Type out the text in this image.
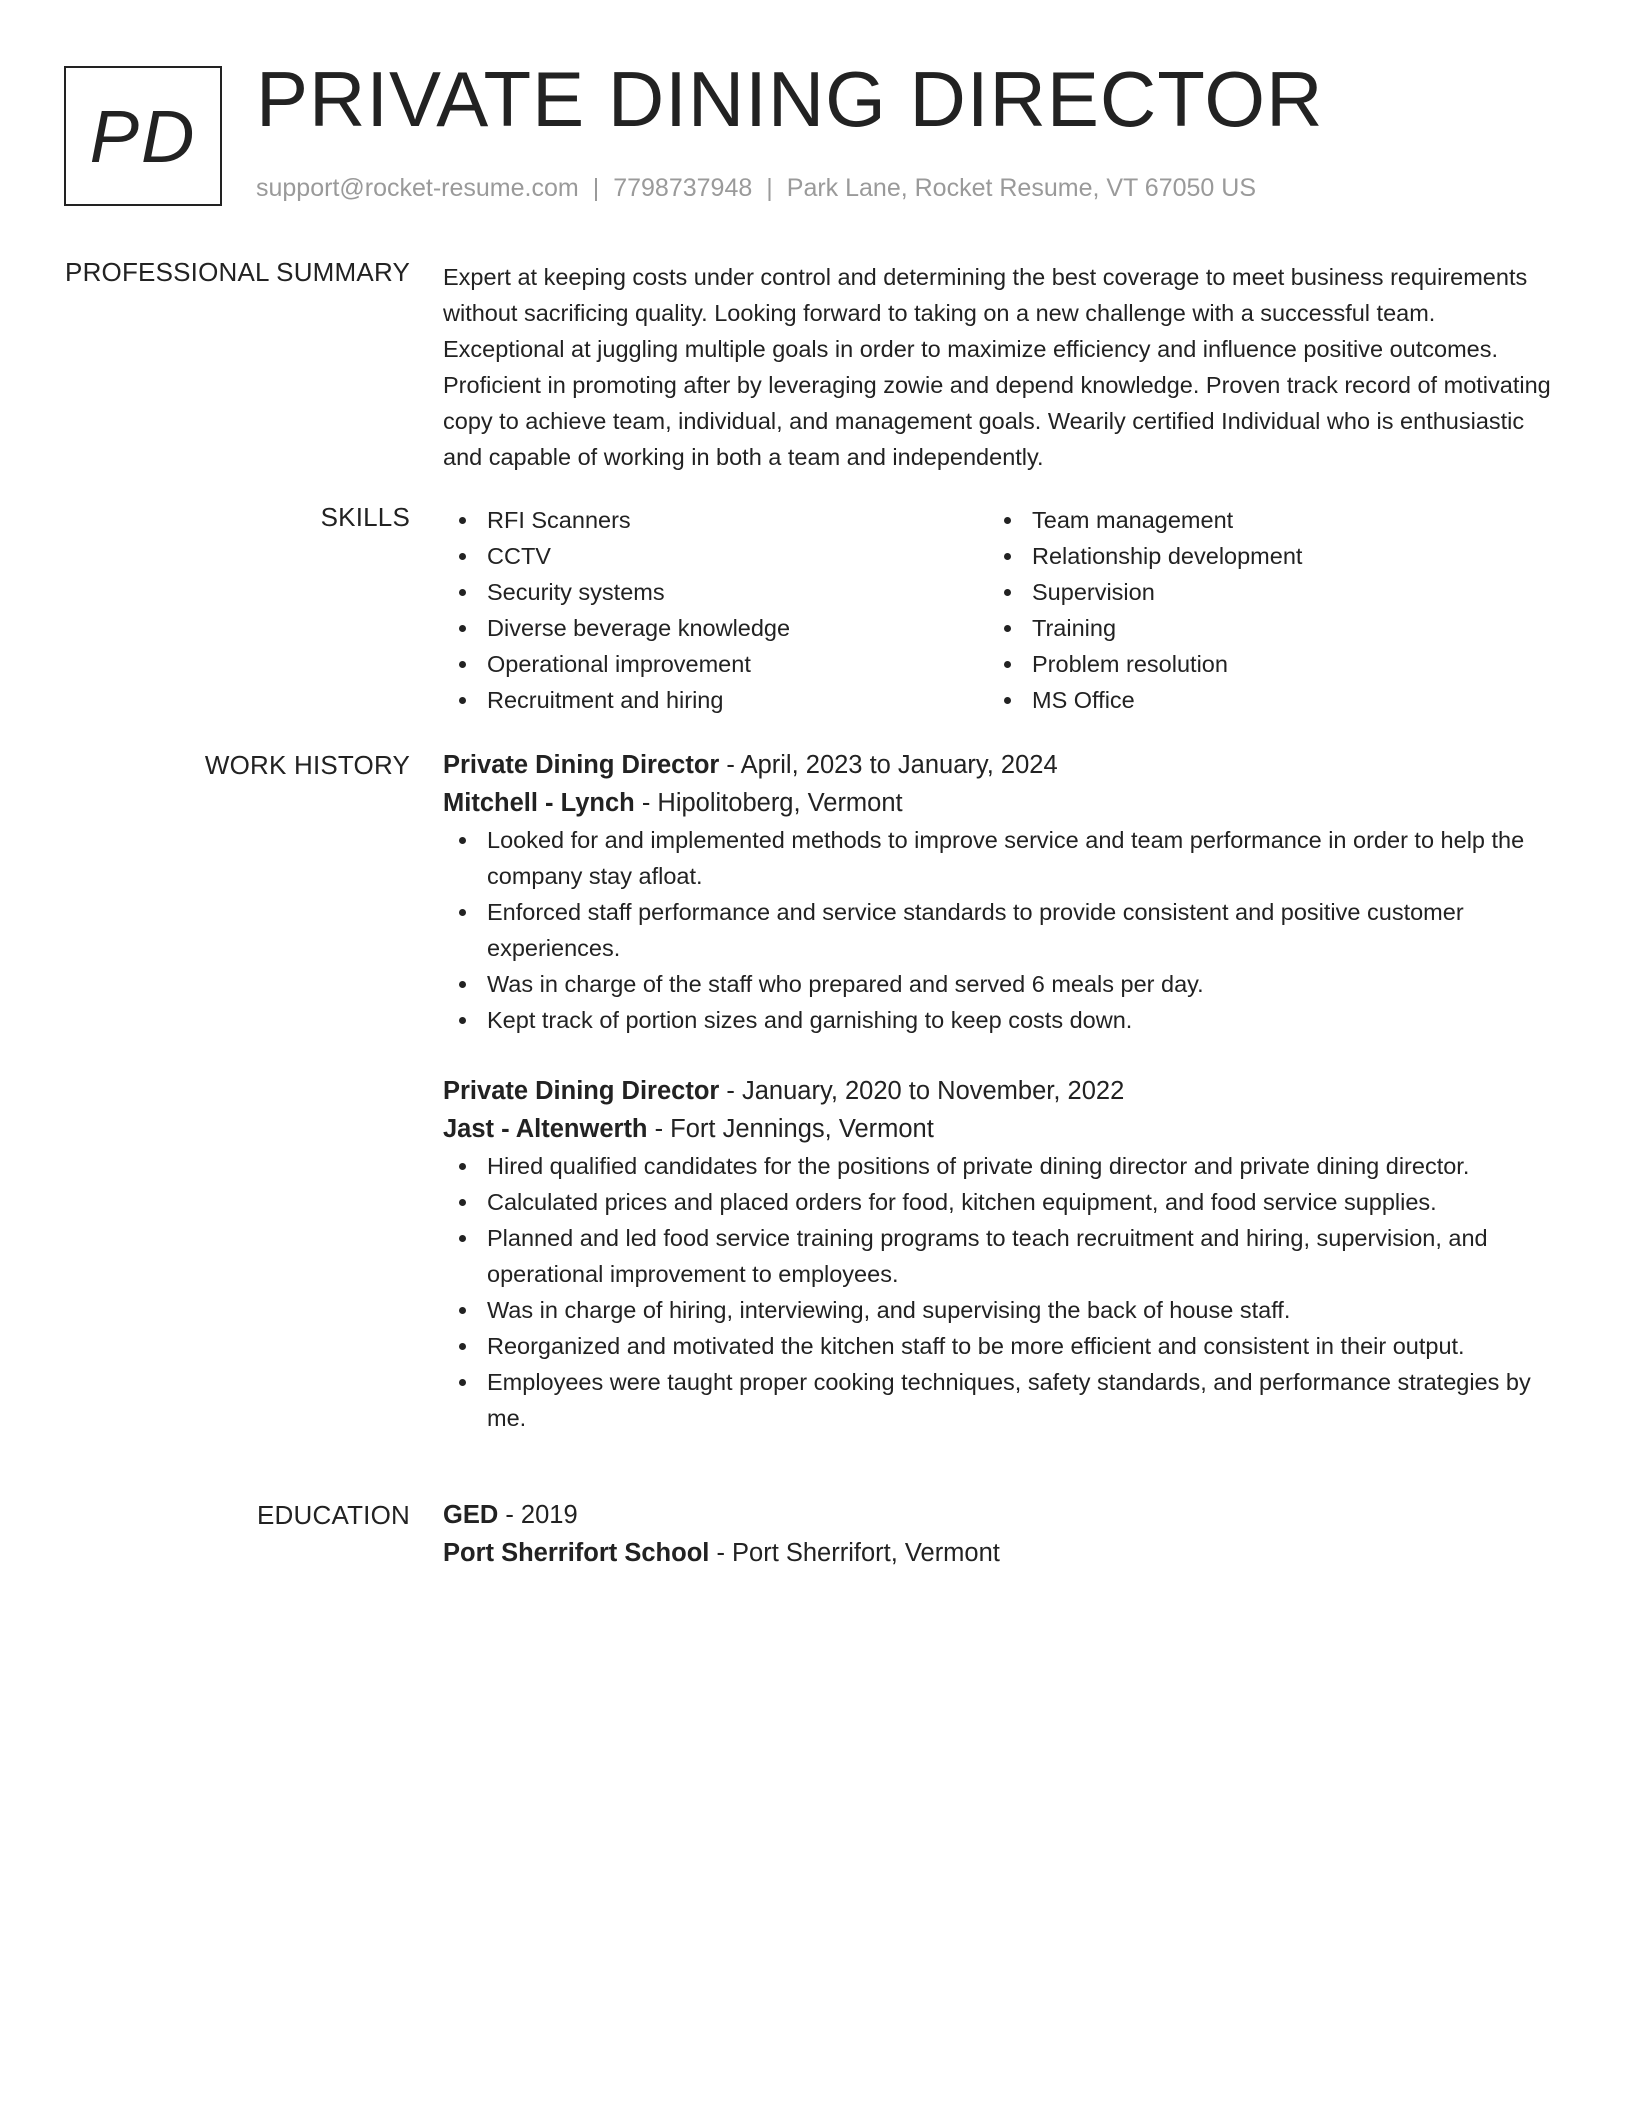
PD PRIVATE DINING DIRECTOR
support@rocket-resume.com | 7798737948 | Park Lane, Rocket Resume, VT 67050 US
PROFESSIONAL SUMMARY Expert at keeping costs under control and determining the best coverage to meet business requirements without sacrificing quality. Looking forward to taking on a new challenge with a successful team. Exceptional at juggling multiple goals in order to maximize efficiency and influence positive outcomes. Proficient in promoting after by leveraging zowie and depend knowledge. Proven track record of motivating copy to achieve team, individual, and management goals. Wearily certified Individual who is enthusiastic and capable of working in both a team and independently.

SKILLS	RFI Scanners
CCTV
Security systems
Diverse beverage knowledge
Operational improvement
Recruitment and hiring
Team management
Relationship development
Supervision
Training
Problem resolution
MS Office
WORK HISTORY Private Dining Director - April, 2023 to January, 2024
Mitchell - Lynch - Hipolitoberg, Vermont
Looked for and implemented methods to improve service and team performance in order to help the company stay afloat.
Enforced staff performance and service standards to provide consistent and positive customer experiences.
Was in charge of the staff who prepared and served 6 meals per day.
Kept track of portion sizes and garnishing to keep costs down.
Private Dining Director - January, 2020 to November, 2022
Jast - Altenwerth - Fort Jennings, Vermont
Hired qualified candidates for the positions of private dining director and private dining director.
Calculated prices and placed orders for food, kitchen equipment, and food service supplies.
Planned and led food service training programs to teach recruitment and hiring, supervision, and operational improvement to employees.
Was in charge of hiring, interviewing, and supervising the back of house staff.
Reorganized and motivated the kitchen staff to be more efficient and consistent in their output.
Employees were taught proper cooking techniques, safety standards, and performance strategies by me.
EDUCATION GED - 2019
Port Sherrifort School - Port Sherrifort, Vermont
